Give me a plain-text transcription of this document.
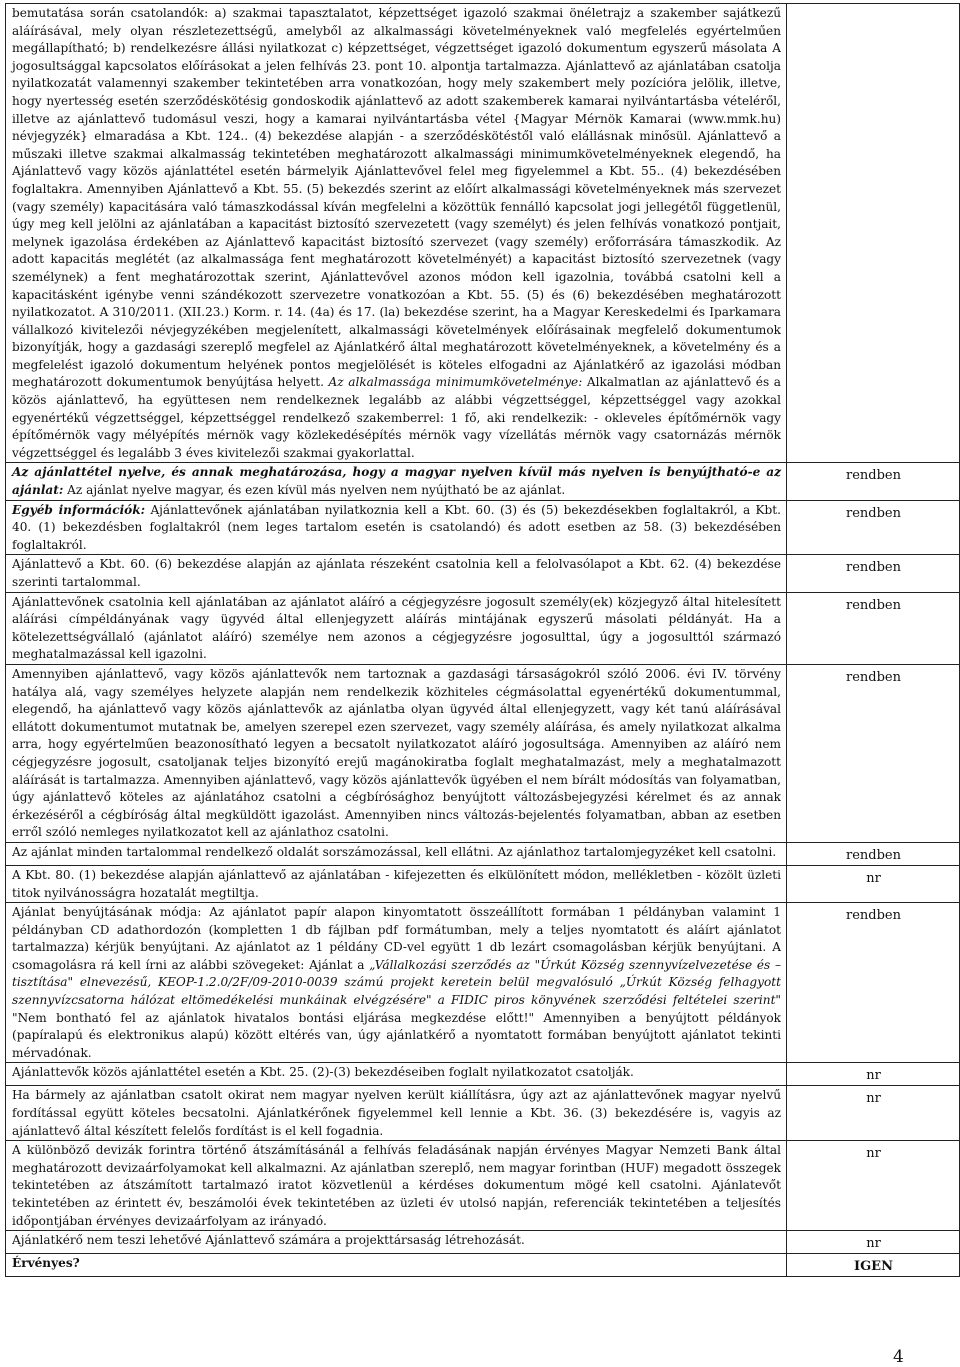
bemutatása során csatolandók: a) szakmai tapasztalatot, képzettséget igazoló szakmai önéletrajz a szakember sajátkezű aláírásával, mely olyan részletezettségű, amelyből az alkalmassági követelményeknek való megfelelés egyértelműen megállapítható; b) rendelkezésre állási nyilatkozat c) képzettséget, végzettséget igazoló dokumentum egyszerű másolata A jogosultsággal kapcsolatos előírásokat a jelen felhívás 23. pont 10. alpontja tartalmazza. Ajánlattevő az ajánlatában csatolja nyilatkozatát valamennyi szakember tekintetében arra vonatkozóan, hogy mely szakembert mely pozícióra jelölik, illetve, hogy nyertesség esetén szerződéskötésig gondoskodik ajánlattevő az adott szakemberek kamarai nyilvántartásba vételéről, illetve az ajánlattevő tudomásul veszi, hogy a kamarai nyilvántartásba vétel {Magyar Mérnök Kamarai (www.mmk.hu) névjegyzék} elmaradása a Kbt. 124.. (4) bekezdése alapján - a szerződéskötéstől való elállásnak minősül. Ajánlattevő a műszaki illetve szakmai alkalmasság tekintetében meghatározott alkalmassági minimumkövetelményeknek elegendő, ha Ajánlattevő vagy közös ajánlattétel esetén bármelyik Ajánlattevővel felel meg figyelemmel a Kbt. 55.. (4) bekezdésében foglaltakra. Amennyiben Ajánlattevő a Kbt. 55. (5) bekezdés szerint az előírt alkalmassági követelményeknek más szervezet (vagy személy) kapacitására való támaszkodással kíván megfelelni a közöttük fennálló kapcsolat jogi jellegétől függetlenül, úgy meg kell jelölni az ajánlatában a kapacitást biztosító szervezetett (vagy személyt) és jelen felhívás vonatkozó pontjait, melynek igazolása érdekében az Ajánlattevő kapacitást biztosító szervezet (vagy személy) erőforrására támaszkodik. Az adott kapacitás meglétét (az alkalmassága fent meghatározott követelményét) a kapacitást biztosító szervezetnek (vagy személynek) a fent meghatározottak szerint, Ajánlattevővel azonos módon kell igazolnia, továbbá csatolni kell a kapacitásként igénybe venni szándékozott szervezetre vonatkozóan a Kbt. 55. (5) és (6) bekezdésében meghatározott nyilatkozatot. A 310/2011. (XII.23.) Korm. r. 14. (4a) és 17. (la) bekezdése szerint, ha a Magyar Kereskedelmi és Iparkamara vállalkozó kivitelezői névjegyzékében megjelenített, alkalmassági követelmények előírásainak megfelelő dokumentumok bizonyítják, hogy a gazdasági szereplő megfelel az Ajánlatkérő által meghatározott követelményeknek, a követelmény és a megfelelést igazoló dokumentum helyének pontos megjelölését is köteles elfogadni az Ajánlatkérő az igazolási módban meghatározott dokumentumok benyújtása helyett. Az alkalmassága minimumkövetelménye: Alkalmatlan az ajánlattevő és a közös ajánlattevő, ha együttesen nem rendelkeznek legalább az alábbi végzettséggel, képzettséggel vagy azokkal egyenértékű végzettséggel, képzettséggel rendelkező szakemberrel: 1 fő, aki rendelkezik: - okleveles építőmérnök vagy építőmérnök vagy mélyépítés mérnök vagy közlekedésépítés mérnök vagy vízellátás mérnök vagy csatornázás mérnök végzettséggel és legalább 3 éves kivitelezői szakmai gyakorlattal.	
Az ajánlattétel nyelve, és annak meghatározása, hogy a magyar nyelven kívül más nyelven is benyújtható-e az ajánlat: Az ajánlat nyelve magyar, és ezen kívül más nyelven nem nyújtható be az ajánlat.	rendben
Egyéb információk: Ajánlattevőnek ajánlatában nyilatkoznia kell a Kbt. 60. (3) és (5) bekezdésekben foglaltakról, a Kbt. 40. (1) bekezdésben foglaltakról (nem leges tartalom esetén is csatolandó) és adott esetben az 58. (3) bekezdésében foglaltakról.	rendben
Ajánlattevő a Kbt. 60. (6) bekezdése alapján az ajánlata részeként csatolnia kell a felolvasólapot a Kbt. 62. (4) bekezdése szerinti tartalommal.	rendben
Ajánlattevőnek csatolnia kell ajánlatában az ajánlatot aláíró a cégjegyzésre jogosult személy(ek) közjegyző által hitelesített aláírási címpéldányának vagy ügyvéd által ellenjegyzett aláírás mintájának egyszerű másolati példányát. Ha a kötelezettségvállaló (ajánlatot aláíró) személye nem azonos a cégjegyzésre jogosulttal, úgy a jogosulttól származó meghatalmazással kell igazolni.	rendben
Amennyiben ajánlattevő, vagy közös ajánlattevők nem tartoznak a gazdasági társaságokról szóló 2006. évi IV. törvény hatálya alá, vagy személyes helyzete alapján nem rendelkezik közhiteles cégmásolattal egyenértékű dokumentummal, elegendő, ha ajánlattevő vagy közös ajánlattevők az ajánlatba olyan ügyvéd által ellenjegyzett, vagy két tanú aláírásával ellátott dokumentumot mutatnak be, amelyen szerepel ezen szervezet, vagy személy aláírása, és amely nyilatkozat alkalma arra, hogy egyértelműen beazonosítható legyen a becsatolt nyilatkozatot aláíró jogosultsága. Amennyiben az aláíró nem cégjegyzésre jogosult, csatoljanak teljes bizonyító erejű magánokiratba foglalt meghatalmazást, mely a meghatalmazott aláírását is tartalmazza. Amennyiben ajánlattevő, vagy közös ajánlattevők ügyében el nem bírált módosítás van folyamatban, úgy ajánlattevő köteles az ajánlatához csatolni a cégbírósághoz benyújtott változásbejegyzési kérelmet és az annak érkezéséről a cégbíróság által megküldött igazolást. Amennyiben nincs változás-bejelentés folyamatban, abban az esetben erről szóló nemleges nyilatkozatot kell az ajánlathoz csatolni.	rendben
Az ajánlat minden tartalommal rendelkező oldalát sorszámozással, kell ellátni. Az ajánlathoz tartalomjegyzéket kell csatolni.	rendben
A Kbt. 80. (1) bekezdése alapján ajánlattevő az ajánlatában - kifejezetten és elkülönített módon, mellékletben - közölt üzleti titok nyilvánosságra hozatalát megtiltja.	nr
Ajánlat benyújtásának módja: Az ajánlatot papír alapon kinyomtatott összeállított formában 1 példányban valamint 1 példányban CD adathordozón (kompletten 1 db fájlban pdf formátumban, mely a teljes nyomtatott és aláírt ajánlatot tartalmazza) kérjük benyújtani. Az ajánlatot az 1 példány CD-vel együtt 1 db lezárt csomagolásban kérjük benyújtani. A csomagolásra rá kell írni az alábbi szövegeket: Ajánlat a „Vállalkozási szerződés az "Úrkút Község szennyvízelvezetése és – tisztítása" elnevezésű, KEOP-1.2.0/2F/09-2010-0039 számú projekt keretein belül megvalósuló „Úrkút Község felhagyott szennyvízcsatorna hálózat eltömedékelési munkáinak elvégzésére" a FIDIC piros könyvének szerződési feltételei szerint" "Nem bontható fel az ajánlatok hivatalos bontási eljárása megkezdése előtt!" Amennyiben a benyújtott példányok (papíralapú és elektronikus alapú) között eltérés van, úgy ajánlatkérő a nyomtatott formában benyújtott ajánlatot tekinti mérvadónak.	rendben
Ajánlattevők közös ajánlattétel esetén a Kbt. 25. (2)-(3) bekezdéseiben foglalt nyilatkozatot csatolják.	nr
Ha bármely az ajánlatban csatolt okirat nem magyar nyelven került kiállításra, úgy azt az ajánlattevőnek magyar nyelvű fordítással együtt köteles becsatolni. Ajánlatkérőnek figyelemmel kell lennie a Kbt. 36. (3) bekezdésére is, vagyis az ajánlattevő által készített felelős fordítást is el kell fogadnia.	nr
A különböző devizák forintra történő átszámításánál a felhívás feladásának napján érvényes Magyar Nemzeti Bank által meghatározott devizaárfolyamokat kell alkalmazni. Az ajánlatban szereplő, nem magyar forintban (HUF) megadott összegek tekintetében az átszámított tartalmazó iratot közvetlenül a kérdéses dokumentum mögé kell csatolni. Ajánlatevőt tekintetében az érintett év, beszámolói évek tekintetében az üzleti év utolsó napján, referenciák tekintetében a teljesítés időpontjában érvényes devizaárfolyam az irányadó.	nr
Ajánlatkérő nem teszi lehetővé Ajánlattevő számára a projekttársaság létrehozását.	nr
Érvényes?	IGEN
4
